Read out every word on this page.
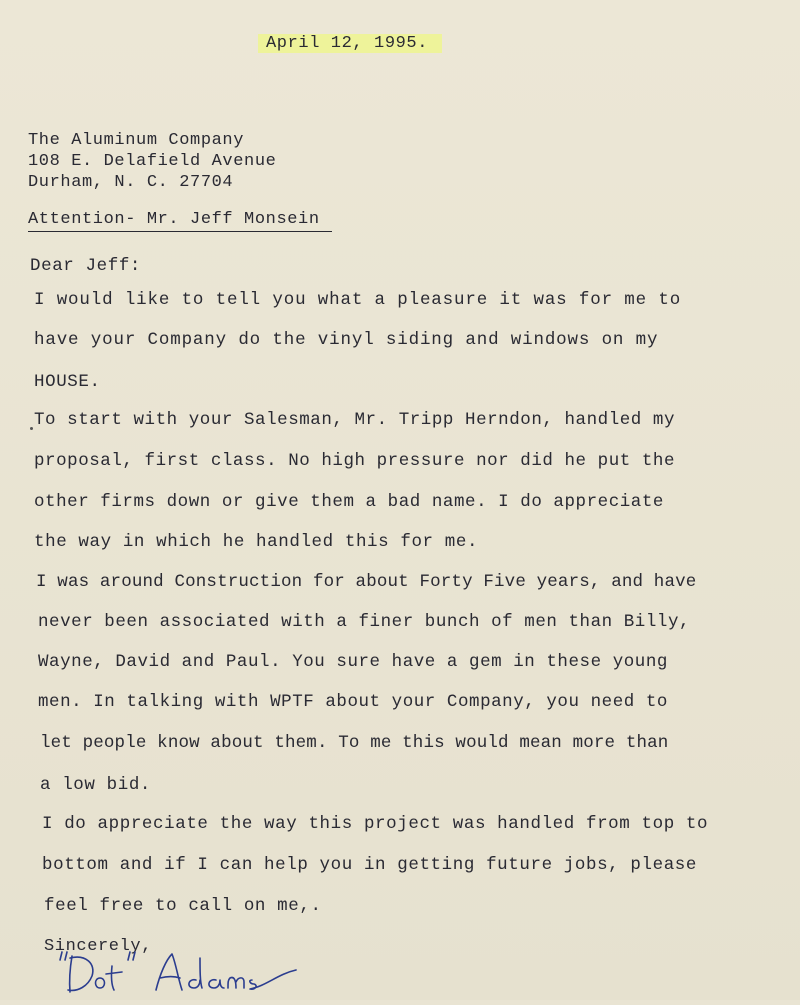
April 12, 1995.
The Aluminum Company
108 E. Delafield Avenue
Durham, N. C. 27704
Attention- Mr. Jeff Monsein
Dear Jeff:
I would like to tell you what a pleasure it was for me to
have your Company do the vinyl siding and windows on my
HOUSE.
To start with your Salesman, Mr. Tripp Herndon, handled my
proposal, first class. No high pressure nor did he put the
other firms down or give them a bad name. I do appreciate
the way in which he handled this for me.
I was around Construction for about Forty Five years, and have
never been associated with a finer bunch of men than Billy,
Wayne, David and Paul. You sure have a gem in these young
men. In talking with WPTF about your Company, you need to
let people know about them. To me this would mean more than
a low bid.
I do appreciate the way this project was handled from top to
bottom and if I can help you in getting future jobs, please
feel free to call on me,.
Sincerely,
